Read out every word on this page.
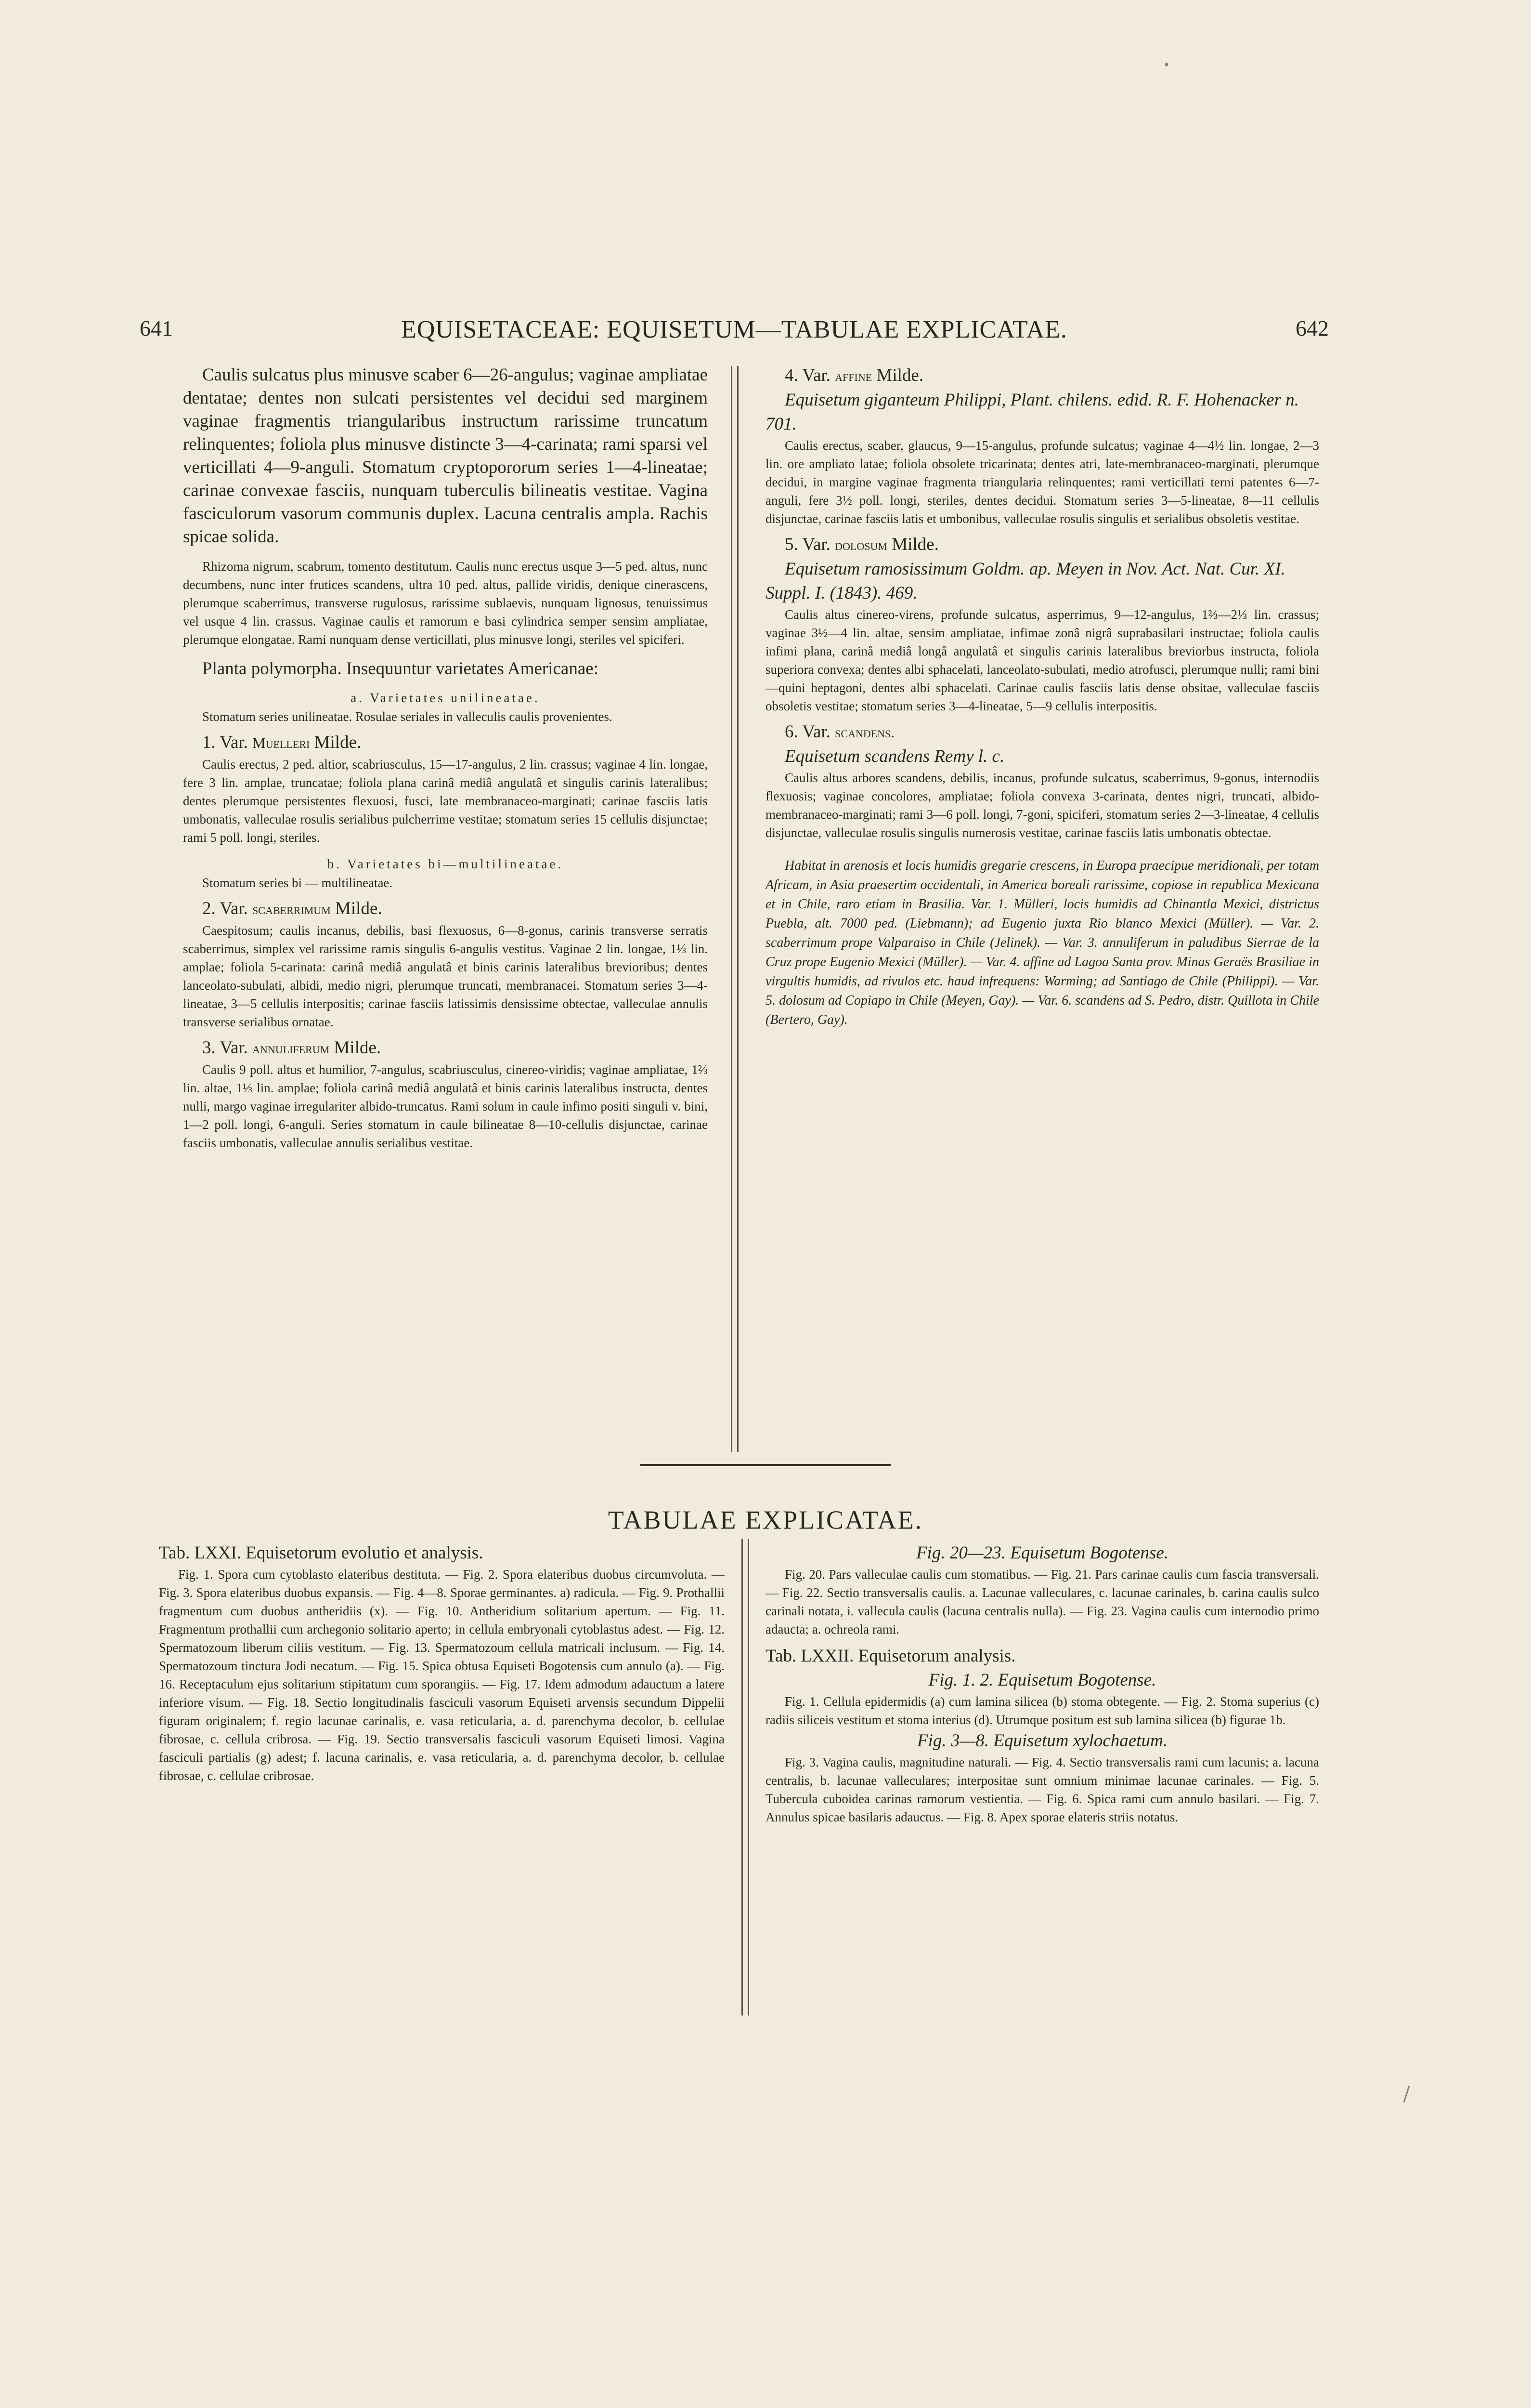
641	EQUISETACEAE: EQUISETUM—TABULAE EXPLICATAE.	642

Caulis sulcatus plus minusve scaber 6—26-angulus; vaginae ampliatae dentatae; dentes non sulcati persistentes vel decidui sed marginem vaginae fragmentis triangularibus instructum rarissime truncatum relinquentes; foliola plus minusve distincte 3—4-carinata; rami sparsi vel verticillati 4—9-anguli. Stomatum cryptopororum series 1—4-lineatae; carinae convexae fasciis, nunquam tuberculis bilineatis vestitae. Vagina fasciculorum vasorum communis duplex. Lacuna centralis ampla. Rachis spicae solida.

Rhizoma nigrum, scabrum, tomento destitutum. Caulis nunc erectus usque 3—5 ped. altus, nunc decumbens, nunc inter frutices scandens, ultra 10 ped. altus, pallide viridis, denique cinerascens, plerumque scaberrimus, transverse rugulosus, rarissime sublaevis, nunquam lignosus, tenuissimus vel usque 4 lin. crassus. Vaginae caulis et ramorum e basi cylindrica semper sensim ampliatae, plerumque elongatae. Rami nunquam dense verticillati, plus minusve longi, steriles vel spiciferi.

Planta polymorpha. Insequuntur varietates Americanae:

a. Varietates unilineatae.

Stomatum series unilineatae. Rosulae seriales in valleculis caulis provenientes.

1. Var. Muelleri Milde.

Caulis erectus, 2 ped. altior, scabriusculus, 15—17-angulus, 2 lin. crassus; vaginae 4 lin. longae, fere 3 lin. amplae, truncatae; foliola plana carinâ mediâ angulatâ et singulis carinis lateralibus; dentes plerumque persistentes flexuosi, fusci, late membranaceo-marginati; carinae fasciis latis umbonatis, valleculae rosulis serialibus pulcherrime vestitae; stomatum series 15 cellulis disjunctae; rami 5 poll. longi, steriles.

b. Varietates bi—multilineatae.

Stomatum series bi — multilineatae.

2. Var. scaberrimum Milde.

Caespitosum; caulis incanus, debilis, basi flexuosus, 6—8-gonus, carinis transverse serratis scaberrimus, simplex vel rarissime ramis singulis 6-angulis vestitus. Vaginae 2 lin. longae, 1⅓ lin. amplae; foliola 5-carinata: carinâ mediâ angulatâ et binis carinis lateralibus brevioribus; dentes lanceolato-subulati, albidi, medio nigri, plerumque truncati, membranacei. Stomatum series 3—4-lineatae, 3—5 cellulis interpositis; carinae fasciis latissimis densissime obtectae, valleculae annulis transverse serialibus ornatae.

3. Var. annuliferum Milde.

Caulis 9 poll. altus et humilior, 7-angulus, scabriusculus, cinereo-viridis; vaginae ampliatae, 1⅔ lin. altae, 1⅓ lin. amplae; foliola carinâ mediâ angulatâ et binis carinis lateralibus instructa, dentes nulli, margo vaginae irregulariter albido-truncatus. Rami solum in caule infimo positi singuli v. bini, 1—2 poll. longi, 6-anguli. Series stomatum in caule bilineatae 8—10-cellulis disjunctae, carinae fasciis umbonatis, valleculae annulis serialibus vestitae.

4. Var. affine Milde.

Equisetum giganteum Philippi, Plant. chilens. edid. R. F. Hohenacker n. 701.

Caulis erectus, scaber, glaucus, 9—15-angulus, profunde sulcatus; vaginae 4—4½ lin. longae, 2—3 lin. ore ampliato latae; foliola obsolete tricarinata; dentes atri, late-membranaceo-marginati, plerumque decidui, in margine vaginae fragmenta triangularia relinquentes; rami verticillati terni patentes 6—7-anguli, fere 3½ poll. longi, steriles, dentes decidui. Stomatum series 3—5-lineatae, 8—11 cellulis disjunctae, carinae fasciis latis et umbonibus, valleculae rosulis singulis et serialibus obsoletis vestitae.

5. Var. dolosum Milde.

Equisetum ramosissimum Goldm. ap. Meyen in Nov. Act. Nat. Cur. XI. Suppl. I. (1843). 469.

Caulis altus cinereo-virens, profunde sulcatus, asperrimus, 9—12-angulus, 1⅔—2⅓ lin. crassus; vaginae 3½—4 lin. altae, sensim ampliatae, infimae zonâ nigrâ suprabasilari instructae; foliola caulis infimi plana, carinâ mediâ longâ angulatâ et singulis carinis lateralibus breviorbus instructa, foliola superiora convexa; dentes albi sphacelati, lanceolato-subulati, medio atrofusci, plerumque nulli; rami bini—quini heptagoni, dentes albi sphacelati. Carinae caulis fasciis latis dense obsitae, valleculae fasciis obsoletis vestitae; stomatum series 3—4-lineatae, 5—9 cellulis interpositis.

6. Var. scandens.

Equisetum scandens Remy l. c.

Caulis altus arbores scandens, debilis, incanus, profunde sulcatus, scaberrimus, 9-gonus, internodiis flexuosis; vaginae concolores, ampliatae; foliola convexa 3-carinata, dentes nigri, truncati, albido-membranaceo-marginati; rami 3—6 poll. longi, 7-goni, spiciferi, stomatum series 2—3-lineatae, 4 cellulis disjunctae, valleculae rosulis singulis numerosis vestitae, carinae fasciis latis umbonatis obtectae.

Habitat in arenosis et locis humidis gregarie crescens, in Europa praecipue meridionali, per totam Africam, in Asia praesertim occidentali, in America boreali rarissime, copiose in republica Mexicana et in Chile, raro etiam in Brasilia. Var. 1. Mülleri, locis humidis ad Chinantla Mexici, districtus Puebla, alt. 7000 ped. (Liebmann); ad Eugenio juxta Rio blanco Mexici (Müller). — Var. 2. scaberrimum prope Valparaiso in Chile (Jelinek). — Var. 3. annuliferum in paludibus Sierrae de la Cruz prope Eugenio Mexici (Müller). — Var. 4. affine ad Lagoa Santa prov. Minas Geraës Brasiliae in virgultis humidis, ad rivulos etc. haud infrequens: Warming; ad Santiago de Chile (Philippi). — Var. 5. dolosum ad Copiapo in Chile (Meyen, Gay). — Var. 6. scandens ad S. Pedro, distr. Quillota in Chile (Bertero, Gay).

TABULAE EXPLICATAE.

Tab. LXXI. Equisetorum evolutio et analysis.

Fig. 1. Spora cum cytoblasto elateribus destituta. — Fig. 2. Spora elateribus duobus circumvoluta. — Fig. 3. Spora elateribus duobus expansis. — Fig. 4—8. Sporae germinantes. a) radicula. — Fig. 9. Prothallii fragmentum cum duobus antheridiis (x). — Fig. 10. Antheridium solitarium apertum. — Fig. 11. Fragmentum prothallii cum archegonio solitario aperto; in cellula embryonali cytoblastus adest. — Fig. 12. Spermatozoum liberum ciliis vestitum. — Fig. 13. Spermatozoum cellula matricali inclusum. — Fig. 14. Spermatozoum tinctura Jodi necatum. — Fig. 15. Spica obtusa Equiseti Bogotensis cum annulo (a). — Fig. 16. Receptaculum ejus solitarium stipitatum cum sporangiis. — Fig. 17. Idem admodum adauctum a latere inferiore visum. — Fig. 18. Sectio longitudinalis fasciculi vasorum Equiseti arvensis secundum Dippelii figuram originalem; f. regio lacunae carinalis, e. vasa reticularia, a. d. parenchyma decolor, b. cellulae fibrosae, c. cellula cribrosa. — Fig. 19. Sectio transversalis fasciculi vasorum Equiseti limosi. Vagina fasciculi partialis (g) adest; f. lacuna carinalis, e. vasa reticularia, a. d. parenchyma decolor, b. cellulae fibrosae, c. cellulae cribrosae.

Fig. 20—23. Equisetum Bogotense.

Fig. 20. Pars valleculae caulis cum stomatibus. — Fig. 21. Pars carinae caulis cum fascia transversali. — Fig. 22. Sectio transversalis caulis. a. Lacunae valleculares, c. lacunae carinales, b. carina caulis sulco carinali notata, i. vallecula caulis (lacuna centralis nulla). — Fig. 23. Vagina caulis cum internodio primo adaucta; a. ochreola rami.

Tab. LXXII. Equisetorum analysis.

Fig. 1. 2. Equisetum Bogotense.

Fig. 1. Cellula epidermidis (a) cum lamina silicea (b) stoma obtegente. — Fig. 2. Stoma superius (c) radiis siliceis vestitum et stoma interius (d). Utrumque positum est sub lamina silicea (b) figurae 1b.

Fig. 3—8. Equisetum xylochaetum.

Fig. 3. Vagina caulis, magnitudine naturali. — Fig. 4. Sectio transversalis rami cum lacunis; a. lacuna centralis, b. lacunae valleculares; interpositae sunt omnium minimae lacunae carinales. — Fig. 5. Tubercula cuboidea carinas ramorum vestientia. — Fig. 6. Spica rami cum annulo basilari. — Fig. 7. Annulus spicae basilaris adauctus. — Fig. 8. Apex sporae elateris striis notatus.
